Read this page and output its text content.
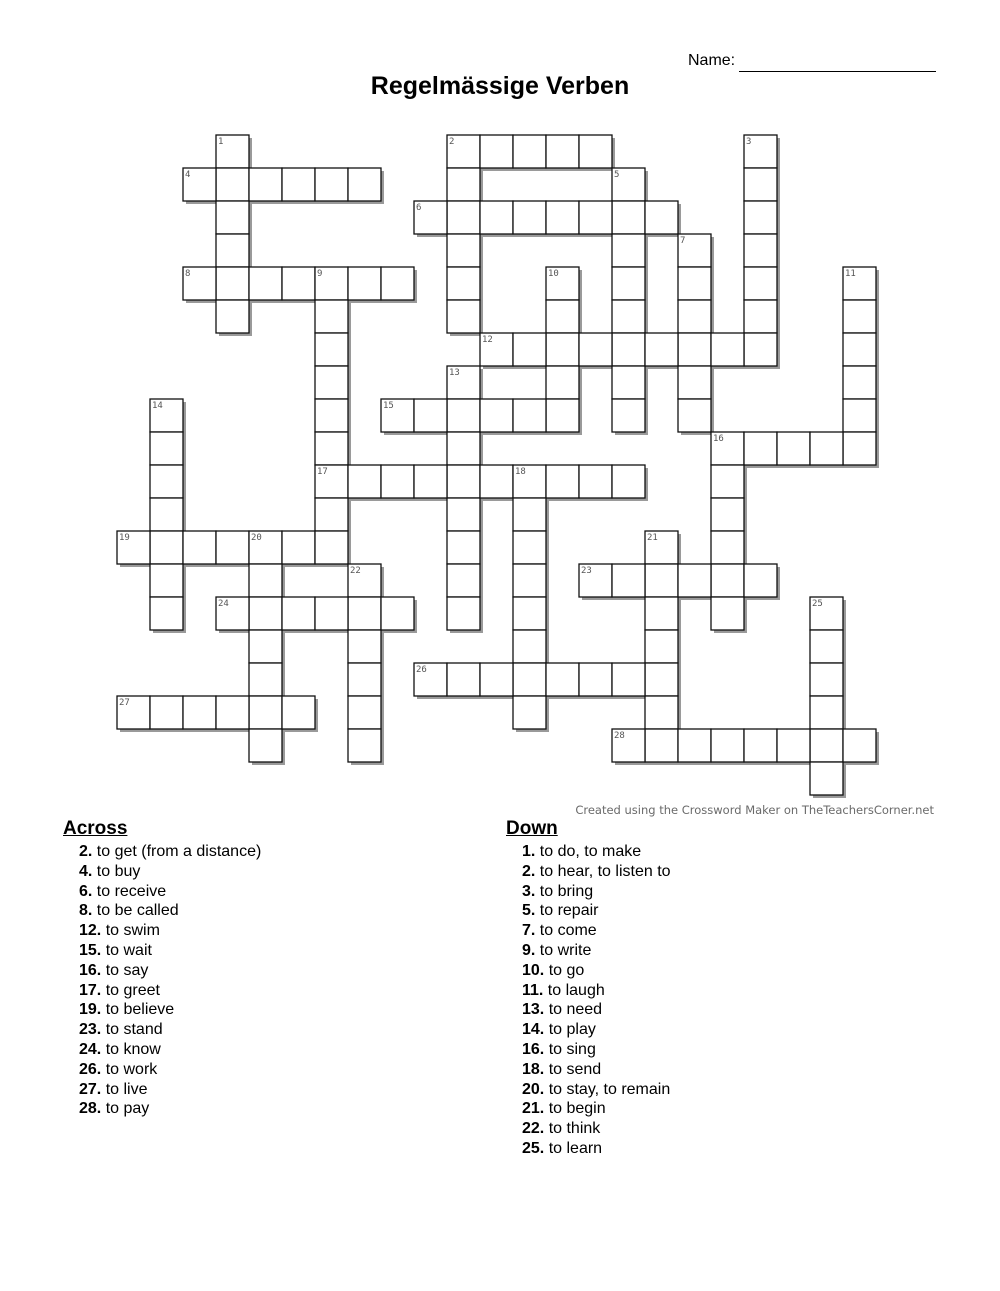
Name:
Regelmässige Verben
1	2	3
4	5
6
7
8	9	10	11
12
13
14	15
16
17	18
19	20	21
22	23
24	25
26
27
28
Created using the Crossword Maker on TheTeachersCorner.net
Across
2. to get (from a distance)
4. to buy
6. to receive
8. to be called
12. to swim
15. to wait
16. to say
17. to greet
19. to believe
23. to stand
24. to know
26. to work
27. to live
28. to pay
Down
1. to do, to make
2. to hear, to listen to
3. to bring
5. to repair
7. to come
9. to write
10. to go
11. to laugh
13. to need
14. to play
16. to sing
18. to send
20. to stay, to remain
21. to begin
22. to think
25. to learn
